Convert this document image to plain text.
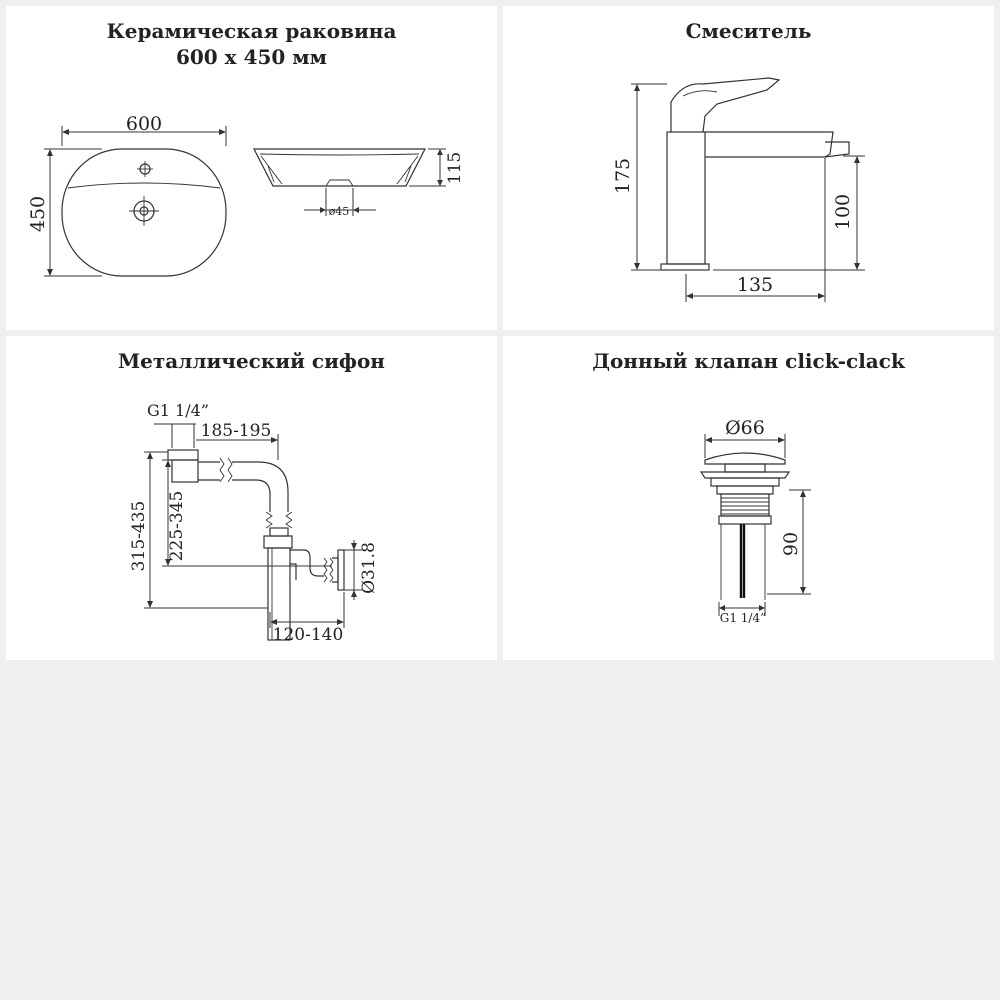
Керамическая раковина
600 x 450 мм
600
450
115
ø45
Смеситель
175
100
135
Металлический сифон
G1 1/4”
185-195
315-435 225-345
Ø31.8
120-140
Донный клапан click-clack
Ø66
90
G1 1/4”
